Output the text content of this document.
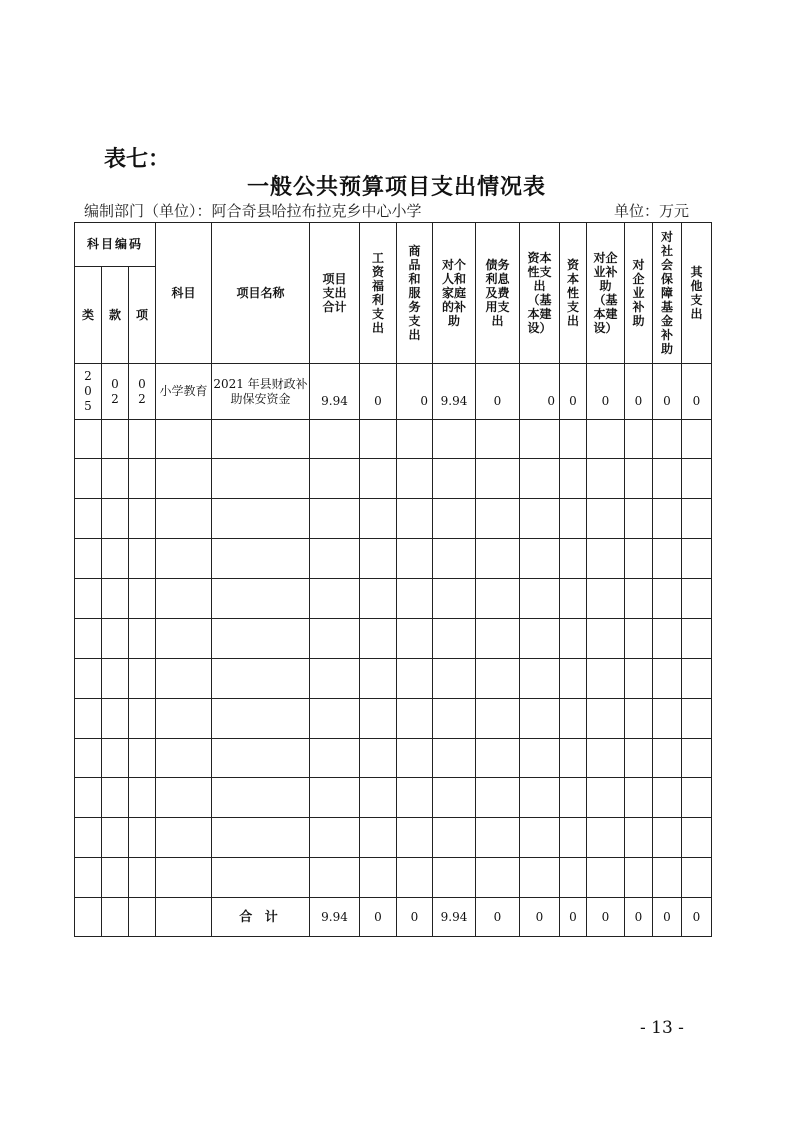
表七：
一般公共预算项目支出情况表
编制部门（单位）：阿合奇县哈拉布拉克乡中心小学	单位：万元
科目编码			科目	项目名称	项目支出合计	工资福利支出	商品和服务支出	对个人和家庭的补助	债务利息及费用支出	资本性支出（基本建设）	资本性支出	对企业补助（基本建设）	对企业补助	对社会保障基金补助	其他支出
类	款	项													

205	02	02	小学教育	2021 年县财政补助保安资金	9.94	0	0	9.94	0	0	0	0	0	0	0

				合 计	9.94	0	0	9.94	0	0	0	0	0	0	0
- 13 -
